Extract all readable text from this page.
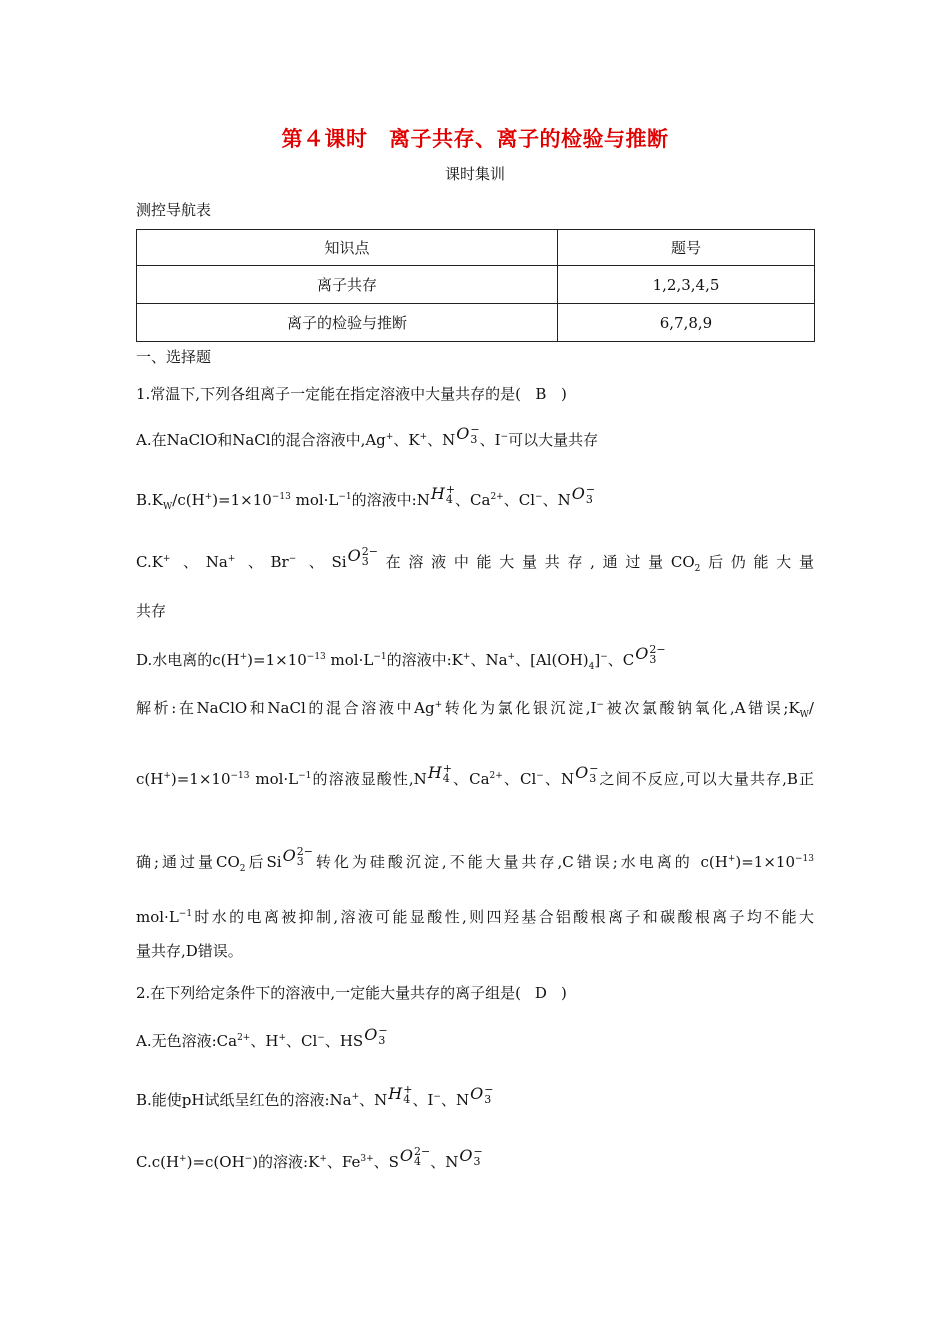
第４课时　离子共存、离子的检验与推断
课时集训
测控导航表
知识点	题号
离子共存	1,2,3,4,5
离子的检验与推断	6,7,8,9
一、选择题
1.常温下,下列各组离子一定能在指定溶液中大量共存的是( B )
A.在NaClO和NaCl的混合溶液中,Ag+、K+、NO−
3 、I−可以大量共存
$B.K_W/c(H^+)=1\times 10^{-13}$ $mol\cdot L^{-1}$的溶液中:NH+
4 、$Ca^{2+}$、Cl−、NO−
3
C.K+ 、Na+ 、Br− 、SiO2−
3 在溶液中能大量共存,通过量$CO_2$后仍能大量
共存
D.水电离的$c(H^+)=1\times 10^{-13}$ $mol\cdot L^{-1}$的溶液中:K+、Na+、$[Al(OH)_4]^-$、CO2−
3
解析:在NaClO和NaCl的混合溶液中Ag+转化为氯化银沉淀,I−被次氯酸钠氧化,A错误$;K_W/$
$c(H^+)=1\times 10^{-13}$ $mol\cdot L^{-1}$的溶液显酸性,NH+
4 、$Ca^{2+}$、Cl−、NO−
3 之间不反应,可以大量共存,B正
确;通过量$CO_2$后SiO2−
3 转化为硅酸沉淀,不能大量共存,C错误;水电离的 $c(H^+)=1\times 10^{-13}$
$mol\cdot L^{-1}$时水的电离被抑制,溶液可能显酸性,则四羟基合铝酸根离子和碳酸根离子均不能大
量共存,D错误。
2.在下列给定条件下的溶液中,一定能大量共存的离子组是( D )
A.无色溶液$:Ca^{2+}$、H+、Cl−、HSO−
3
B.能使pH试纸呈红色的溶液:Na+、NH+
4 、I−、NO−
3
C.c(H+)=c(OH−)的溶液:K+、$Fe^{3+}$、SO2−
4 、NO−
3
